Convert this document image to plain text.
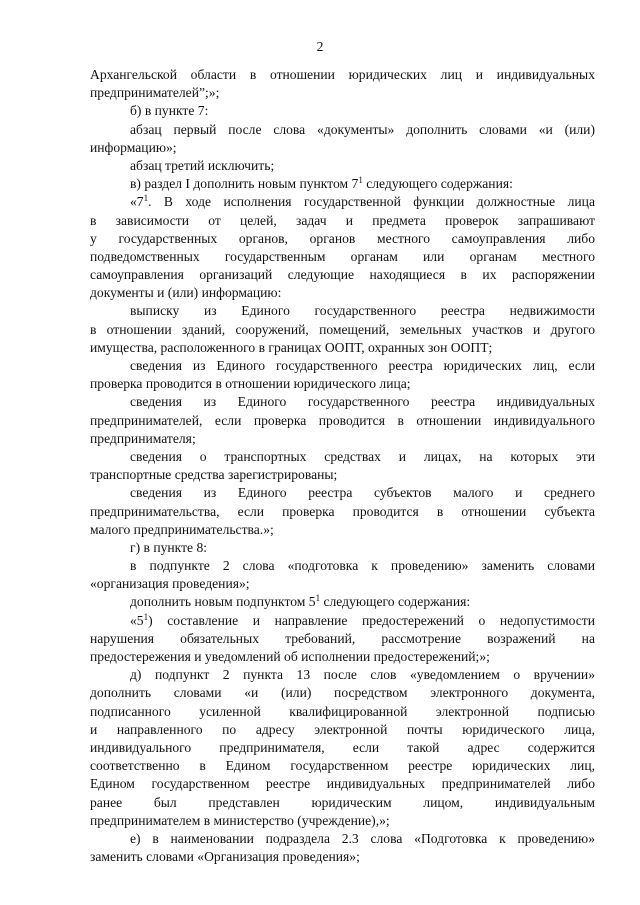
2
Архангельской области в отношении юридических лиц и индивидуальных
предпринимателей”;»;
б) в пункте 7:
абзац первый после слова «документы» дополнить словами «и (или)
информацию»;
абзац третий исключить;
в) раздел I дополнить новым пунктом $7^1$ следующего содержания:
«$7^1$. В ходе исполнения государственной функции должностные лица
в зависимости от целей, задач и предмета проверок запрашивают
у государственных органов, органов местного самоуправления либо
подведомственных государственным органам или органам местного
самоуправления организаций следующие находящиеся в их распоряжении
документы и (или) информацию:
выписку из Единого государственного реестра недвижимости
в отношении зданий, сооружений, помещений, земельных участков и другого
имущества, расположенного в границах ООПТ, охранных зон ООПТ;
сведения из Единого государственного реестра юридических лиц, если
проверка проводится в отношении юридического лица;
сведения из Единого государственного реестра индивидуальных
предпринимателей, если проверка проводится в отношении индивидуального
предпринимателя;
сведения о транспортных средствах и лицах, на которых эти
транспортные средства зарегистрированы;
сведения из Единого реестра субъектов малого и среднего
предпринимательства, если проверка проводится в отношении субъекта
малого предпринимательства.»;
г) в пункте 8:
в подпункте 2 слова «подготовка к проведению» заменить словами
«организация проведения»;
дополнить новым подпунктом $5^1$ следующего содержания:
«$5^1$) составление и направление предостережений о недопустимости
нарушения обязательных требований, рассмотрение возражений на
предостережения и уведомлений об исполнении предостережений;»;
д) подпункт 2 пункта 13 после слов «уведомлением о вручении»
дополнить словами «и (или) посредством электронного документа,
подписанного усиленной квалифицированной электронной подписью
и направленного по адресу электронной почты юридического лица,
индивидуального предпринимателя, если такой адрес содержится
соответственно в Едином государственном реестре юридических лиц,
Едином государственном реестре индивидуальных предпринимателей либо
ранее был представлен юридическим лицом, индивидуальным
предпринимателем в министерство (учреждение),»;
е) в наименовании подраздела 2.3 слова «Подготовка к проведению»
заменить словами «Организация проведения»;
